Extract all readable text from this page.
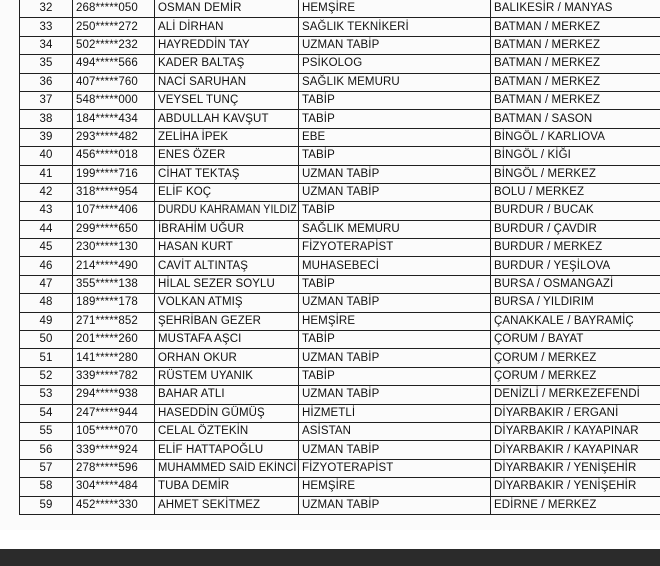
32	268*****050	OSMAN DEMİR	HEMŞİRE	BALIKESİR / MANYAS
33	250*****272	ALİ DİRHAN	SAĞLIK TEKNİKERİ	BATMAN / MERKEZ
34	502*****232	HAYREDDİN TAY	UZMAN TABİP	BATMAN / MERKEZ
35	494*****566	KADER BALTAŞ	PSİKOLOG	BATMAN / MERKEZ
36	407*****760	NACİ SARUHAN	SAĞLIK MEMURU	BATMAN / MERKEZ
37	548*****000	VEYSEL TUNÇ	TABİP	BATMAN / MERKEZ
38	184*****434	ABDULLAH KAVŞUT	TABİP	BATMAN / SASON
39	293*****482	ZELİHA İPEK	EBE	BİNGÖL / KARLIOVA
40	456*****018	ENES ÖZER	TABİP	BİNGÖL / KİĞI
41	199*****716	CİHAT TEKTAŞ	UZMAN TABİP	BİNGÖL / MERKEZ
42	318*****954	ELİF KOÇ	UZMAN TABİP	BOLU / MERKEZ
43	107*****406	DURDU KAHRAMAN YILDIZ	TABİP	BURDUR / BUCAK
44	299*****650	İBRAHİM UĞUR	SAĞLIK MEMURU	BURDUR / ÇAVDIR
45	230*****130	HASAN KURT	FİZYOTERAPİST	BURDUR / MERKEZ
46	214*****490	CAVİT ALTINTAŞ	MUHASEBECİ	BURDUR / YEŞİLOVA
47	355*****138	HİLAL SEZER SOYLU	TABİP	BURSA / OSMANGAZİ
48	189*****178	VOLKAN ATMIŞ	UZMAN TABİP	BURSA / YILDIRIM
49	271*****852	ŞEHRİBAN GEZER	HEMŞİRE	ÇANAKKALE / BAYRAMİÇ
50	201*****260	MUSTAFA AŞCI	TABİP	ÇORUM / BAYAT
51	141*****280	ORHAN OKUR	UZMAN TABİP	ÇORUM / MERKEZ
52	339*****782	RÜSTEM UYANIK	TABİP	ÇORUM / MERKEZ
53	294*****938	BAHAR ATLI	UZMAN TABİP	DENİZLİ / MERKEZEFENDİ
54	247*****944	HASEDDİN GÜMÜŞ	HİZMETLİ	DİYARBAKIR / ERGANİ
55	105*****070	CELAL ÖZTEKİN	ASİSTAN	DİYARBAKIR / KAYAPINAR
56	339*****924	ELİF HATTAPOĞLU	UZMAN TABİP	DİYARBAKIR / KAYAPINAR
57	278*****596	MUHAMMED SAİD EKİNCİ	FİZYOTERAPİST	DİYARBAKIR / YENİŞEHİR
58	304*****484	TUBA DEMİR	HEMŞİRE	DİYARBAKIR / YENİŞEHİR
59	452*****330	AHMET SEKİTMEZ	UZMAN TABİP	EDİRNE / MERKEZ
